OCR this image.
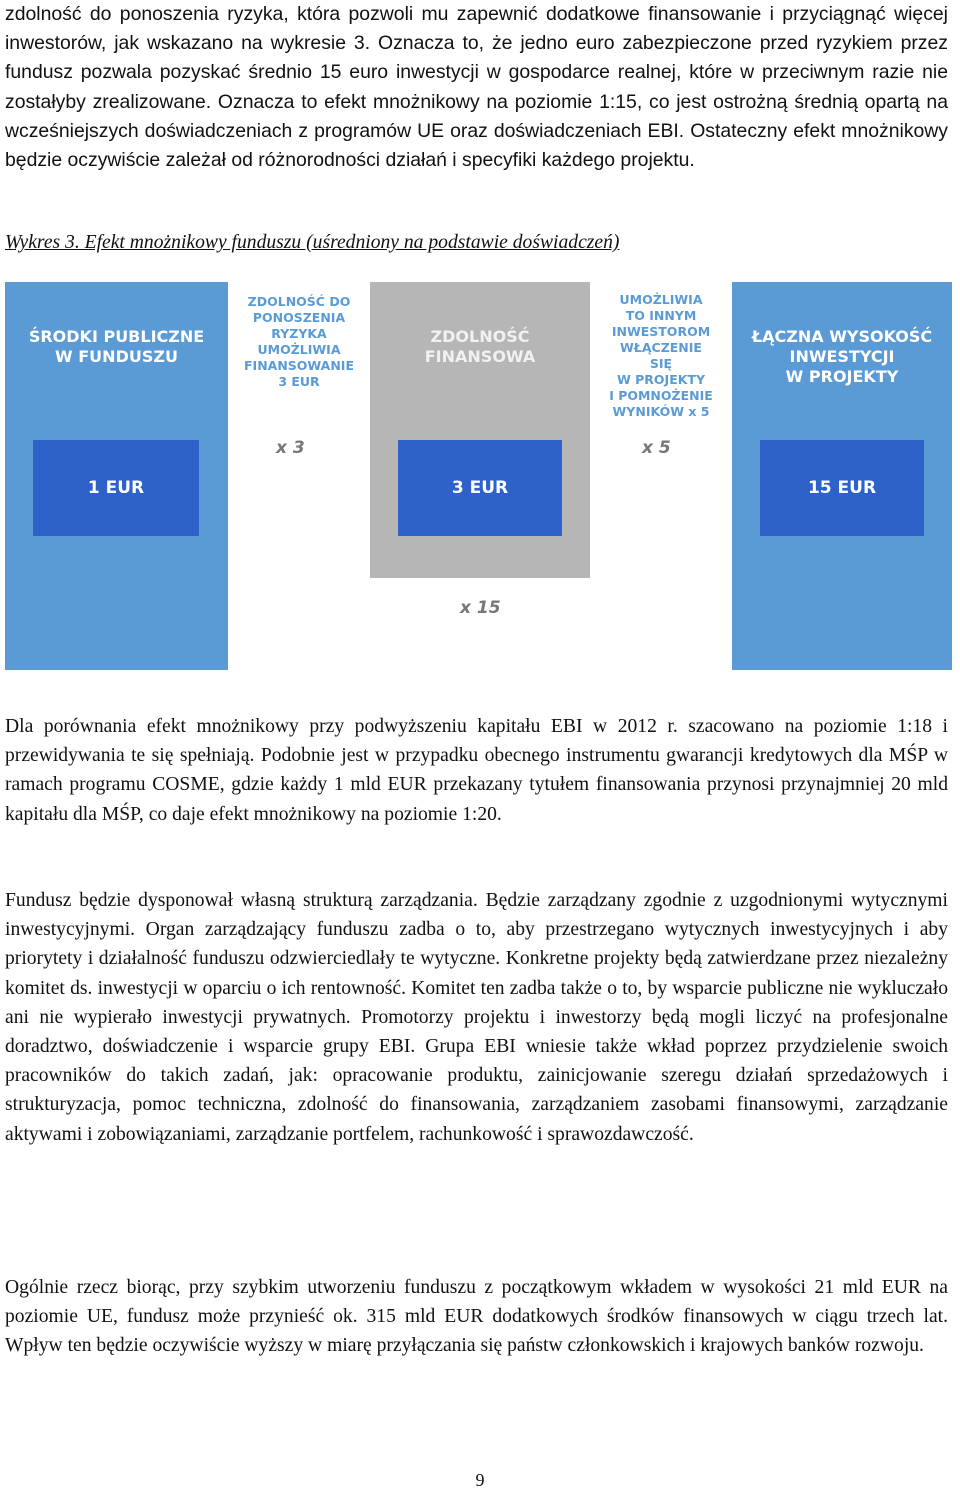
zdolność do ponoszenia ryzyka, która pozwoli mu zapewnić dodatkowe finansowanie i przyciągnąć więcej inwestorów, jak wskazano na wykresie 3. Oznacza to, że jedno euro zabezpieczone przed ryzykiem przez fundusz pozwala pozyskać średnio 15 euro inwestycji w gospodarce realnej, które w przeciwnym razie nie zostałyby zrealizowane. Oznacza to efekt mnożnikowy na poziomie 1:15, co jest ostrożną średnią opartą na wcześniejszych doświadczeniach z programów UE oraz doświadczeniach EBI. Ostateczny efekt mnożnikowy będzie oczywiście zależał od różnorodności działań i specyfiki każdego projektu.

Wykres 3. Efekt mnożnikowy funduszu (uśredniony na podstawie doświadczeń)

ŚRODKI PUBLICZNE
W FUNDUSZU
1 EUR
ZDOLNOŚĆ DO
PONOSZENIA
RYZYKA
UMOŻLIWIA
FINANSOWANIE
3 EUR
x 3
ZDOLNOŚĆ
FINANSOWA
3 EUR
UMOŻLIWIA
TO INNYM
INWESTOROM
WŁĄCZENIE
SIĘ
W PROJEKTY
I POMNOŻENIE
WYNIKÓW x 5
x 5
ŁĄCZNA WYSOKOŚĆ
INWESTYCJI
W PROJEKTY
15 EUR
x 15

Dla porównania efekt mnożnikowy przy podwyższeniu kapitału EBI w 2012 r. szacowano na poziomie 1:18 i przewidywania te się spełniają. Podobnie jest w przypadku obecnego instrumentu gwarancji kredytowych dla MŚP w ramach programu COSME, gdzie każdy 1 mld EUR przekazany tytułem finansowania przynosi przynajmniej 20 mld kapitału dla MŚP, co daje efekt mnożnikowy na poziomie 1:20.

Fundusz będzie dysponował własną strukturą zarządzania. Będzie zarządzany zgodnie z uzgodnionymi wytycznymi inwestycyjnymi. Organ zarządzający funduszu zadba o to, aby przestrzegano wytycznych inwestycyjnych i aby priorytety i działalność funduszu odzwierciedlały te wytyczne. Konkretne projekty będą zatwierdzane przez niezależny komitet ds. inwestycji w oparciu o ich rentowność. Komitet ten zadba także o to, by wsparcie publiczne nie wykluczało ani nie wypierało inwestycji prywatnych. Promotorzy projektu i inwestorzy będą mogli liczyć na profesjonalne doradztwo, doświadczenie i wsparcie grupy EBI. Grupa EBI wniesie także wkład poprzez przydzielenie swoich pracowników do takich zadań, jak: opracowanie produktu, zainicjowanie szeregu działań sprzedażowych i strukturyzacja, pomoc techniczna, zdolność do finansowania, zarządzaniem zasobami finansowymi, zarządzanie aktywami i zobowiązaniami, zarządzanie portfelem, rachunkowość i sprawozdawczość.

Ogólnie rzecz biorąc, przy szybkim utworzeniu funduszu z początkowym wkładem w wysokości 21 mld EUR na poziomie UE, fundusz może przynieść ok. 315 mld EUR dodatkowych środków finansowych w ciągu trzech lat. Wpływ ten będzie oczywiście wyższy w miarę przyłączania się państw członkowskich i krajowych banków rozwoju.

9
